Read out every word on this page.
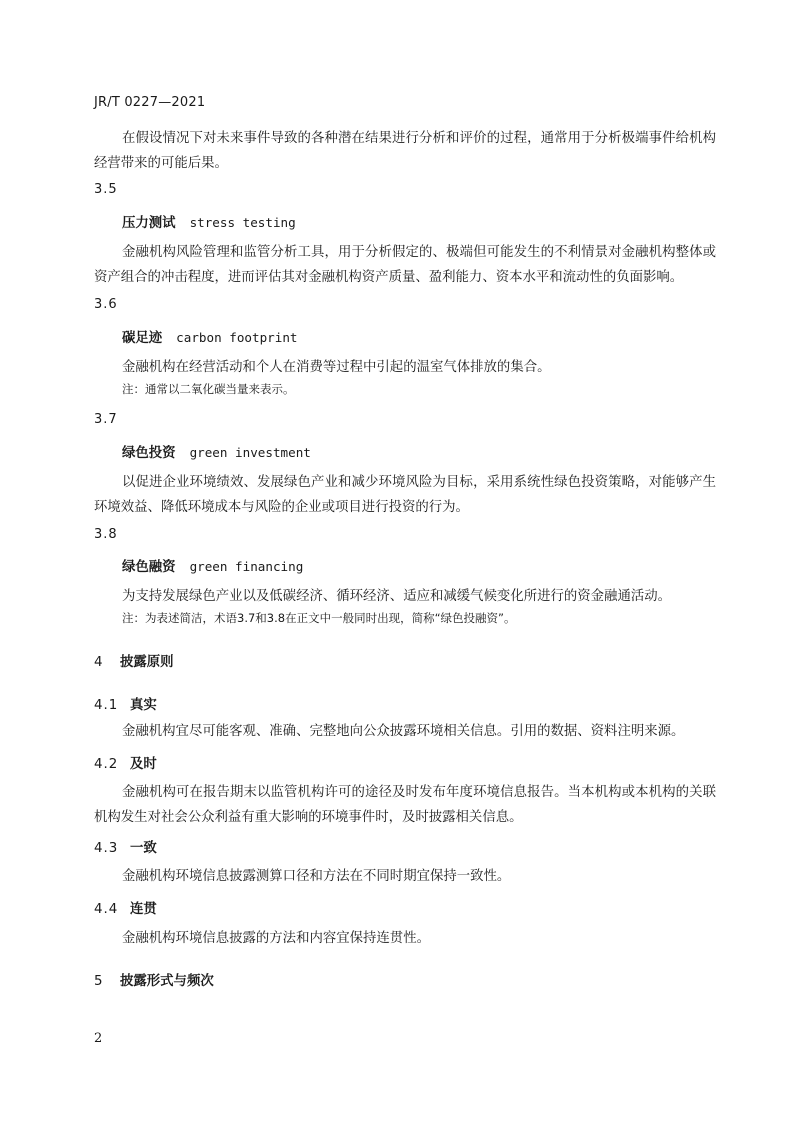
JR/T 0227—2021
在假设情况下对未来事件导致的各种潜在结果进行分析和评价的过程，通常用于分析极端事件给机构经营带来的可能后果。
3.5
压力测试 stress testing
金融机构风险管理和监管分析工具，用于分析假定的、极端但可能发生的不利情景对金融机构整体或资产组合的冲击程度，进而评估其对金融机构资产质量、盈利能力、资本水平和流动性的负面影响。
3.6
碳足迹 carbon footprint
金融机构在经营活动和个人在消费等过程中引起的温室气体排放的集合。
注：通常以二氧化碳当量来表示。
3.7
绿色投资 green investment
以促进企业环境绩效、发展绿色产业和减少环境风险为目标，采用系统性绿色投资策略，对能够产生环境效益、降低环境成本与风险的企业或项目进行投资的行为。
3.8
绿色融资 green financing
为支持发展绿色产业以及低碳经济、循环经济、适应和减缓气候变化所进行的资金融通活动。
注：为表述简洁，术语3.7和3.8在正文中一般同时出现，简称“绿色投融资”。
4 披露原则
4.1 真实
金融机构宜尽可能客观、准确、完整地向公众披露环境相关信息。引用的数据、资料注明来源。
4.2 及时
金融机构可在报告期末以监管机构许可的途径及时发布年度环境信息报告。当本机构或本机构的关联机构发生对社会公众利益有重大影响的环境事件时，及时披露相关信息。
4.3 一致
金融机构环境信息披露测算口径和方法在不同时期宜保持一致性。
4.4 连贯
金融机构环境信息披露的方法和内容宜保持连贯性。
5 披露形式与频次
2
